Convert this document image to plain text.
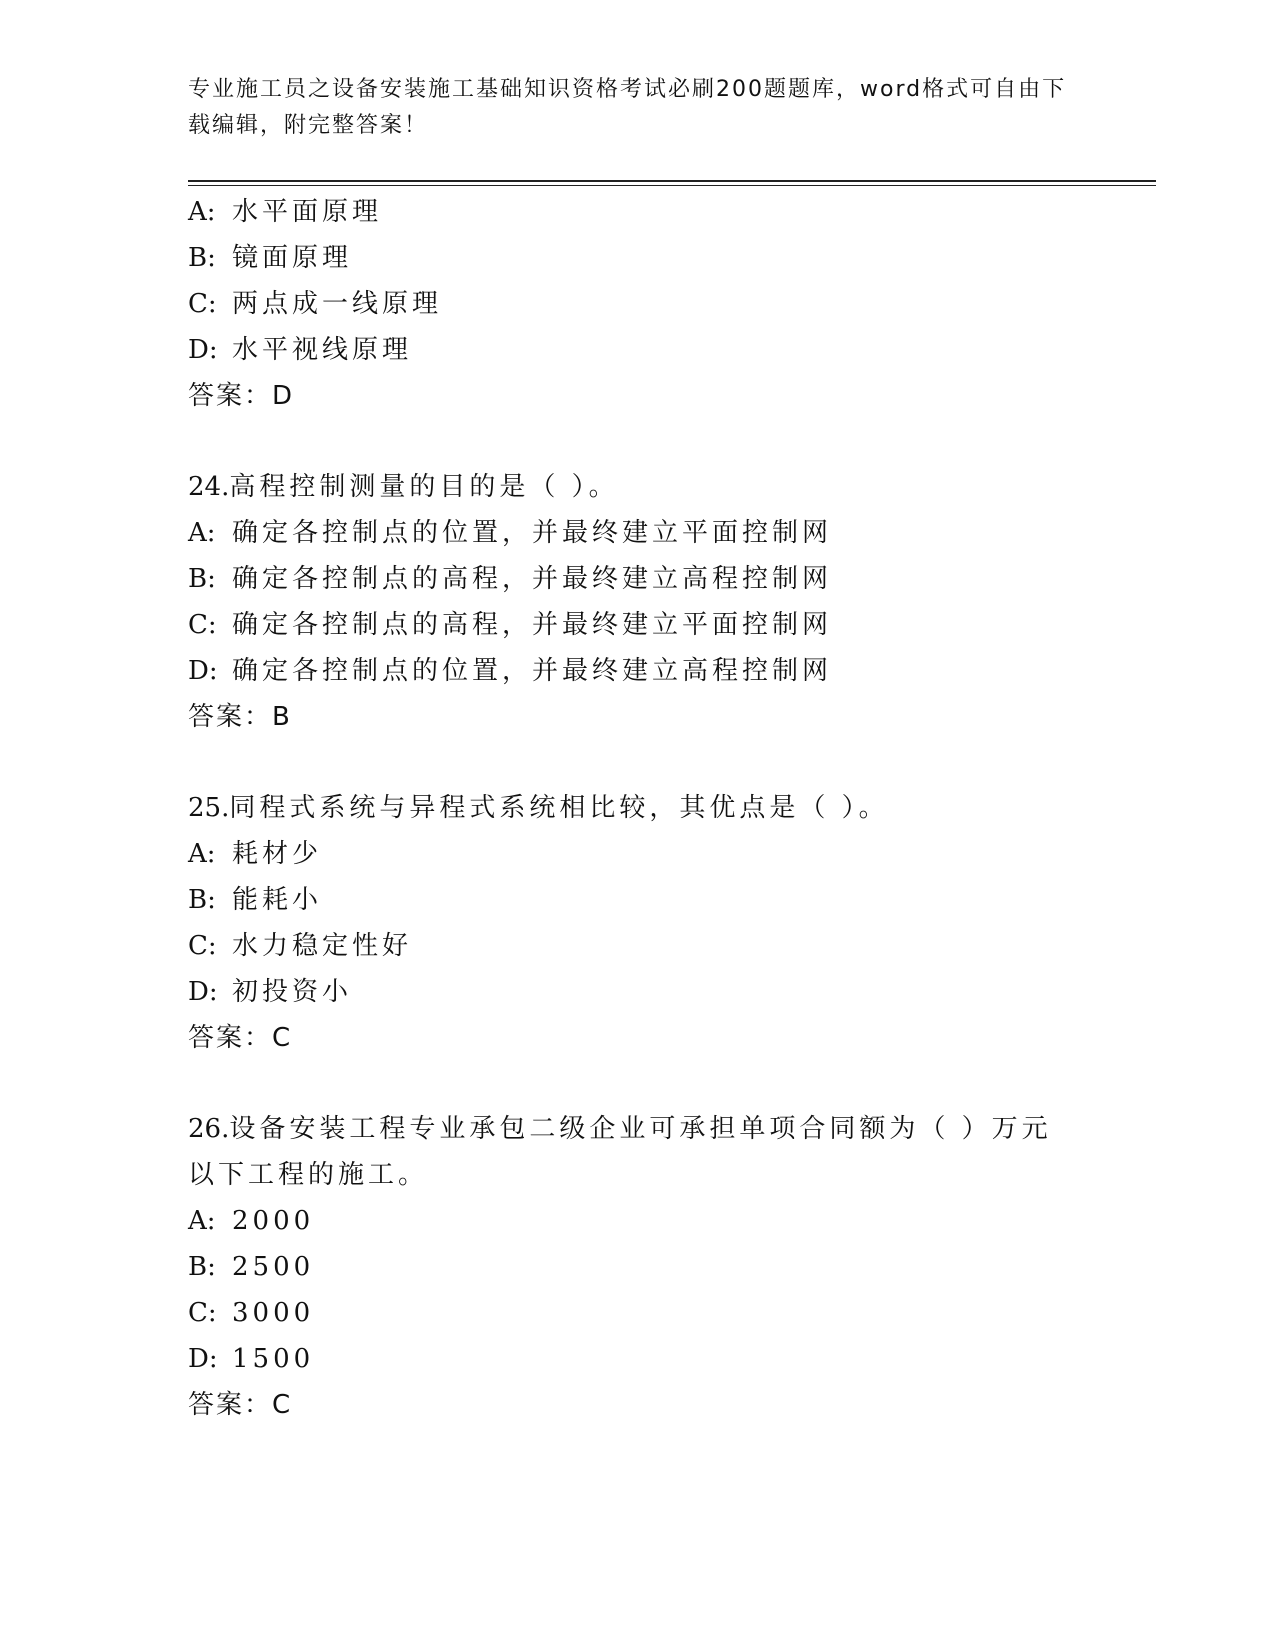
专业施工员之设备安装施工基础知识资格考试必刷200题题库，word格式可自由下载编辑，附完整答案！
A: 水平面原理
B: 镜面原理
C: 两点成一线原理
D: 水平视线原理
答案：D
24.高程控制测量的目的是（ ）。
A: 确定各控制点的位置，并最终建立平面控制网
B: 确定各控制点的高程，并最终建立高程控制网
C: 确定各控制点的高程，并最终建立平面控制网
D: 确定各控制点的位置，并最终建立高程控制网
答案：B
25.同程式系统与异程式系统相比较，其优点是（ ）。
A: 耗材少
B: 能耗小
C: 水力稳定性好
D: 初投资小
答案：C
26.设备安装工程专业承包二级企业可承担单项合同额为（ ）万元以下工程的施工。
A: 2000
B: 2500
C: 3000
D: 1500
答案：C
